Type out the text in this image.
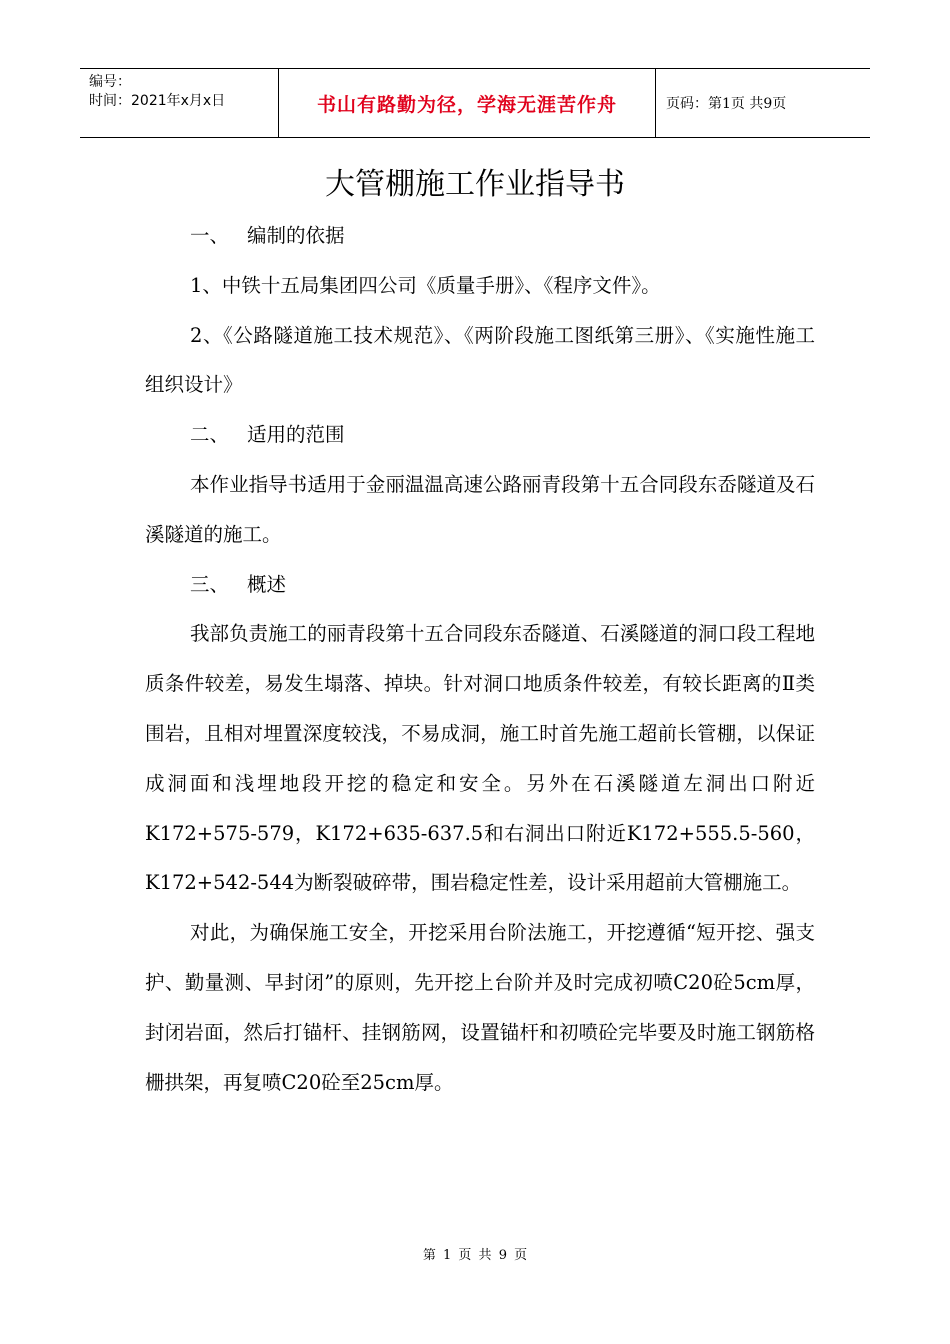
编号：
时间：2021年x月x日	书山有路勤为径，学海无涯苦作舟	页码：第1页 共9页
大管棚施工作业指导书

一、 编制的依据

1、中铁十五局集团四公司《质量手册》、《程序文件》。

2、《公路隧道施工技术规范》、《两阶段施工图纸第三册》、《实施性施工组织设计》

二、 适用的范围

本作业指导书适用于金丽温温高速公路丽青段第十五合同段东岙隧道及石溪隧道的施工。

三、 概述

我部负责施工的丽青段第十五合同段东岙隧道、石溪隧道的洞口段工程地质条件较差，易发生塌落、掉块。针对洞口地质条件较差，有较长距离的Ⅱ类围岩，且相对埋置深度较浅，不易成洞，施工时首先施工超前长管棚，以保证成洞面和浅埋地段开挖的稳定和安全。另外在石溪隧道左洞出口附近K172+575-579，K172+635-637.5和右洞出口附近K172+555.5-560，K172+542-544为断裂破碎带，围岩稳定性差，设计采用超前大管棚施工。

对此，为确保施工安全，开挖采用台阶法施工，开挖遵循“短开挖、强支护、勤量测、早封闭”的原则，先开挖上台阶并及时完成初喷C20砼5cm厚，封闭岩面，然后打锚杆、挂钢筋网，设置锚杆和初喷砼完毕要及时施工钢筋格栅拱架，再复喷C20砼至25cm厚。

第 1 页 共 9 页
